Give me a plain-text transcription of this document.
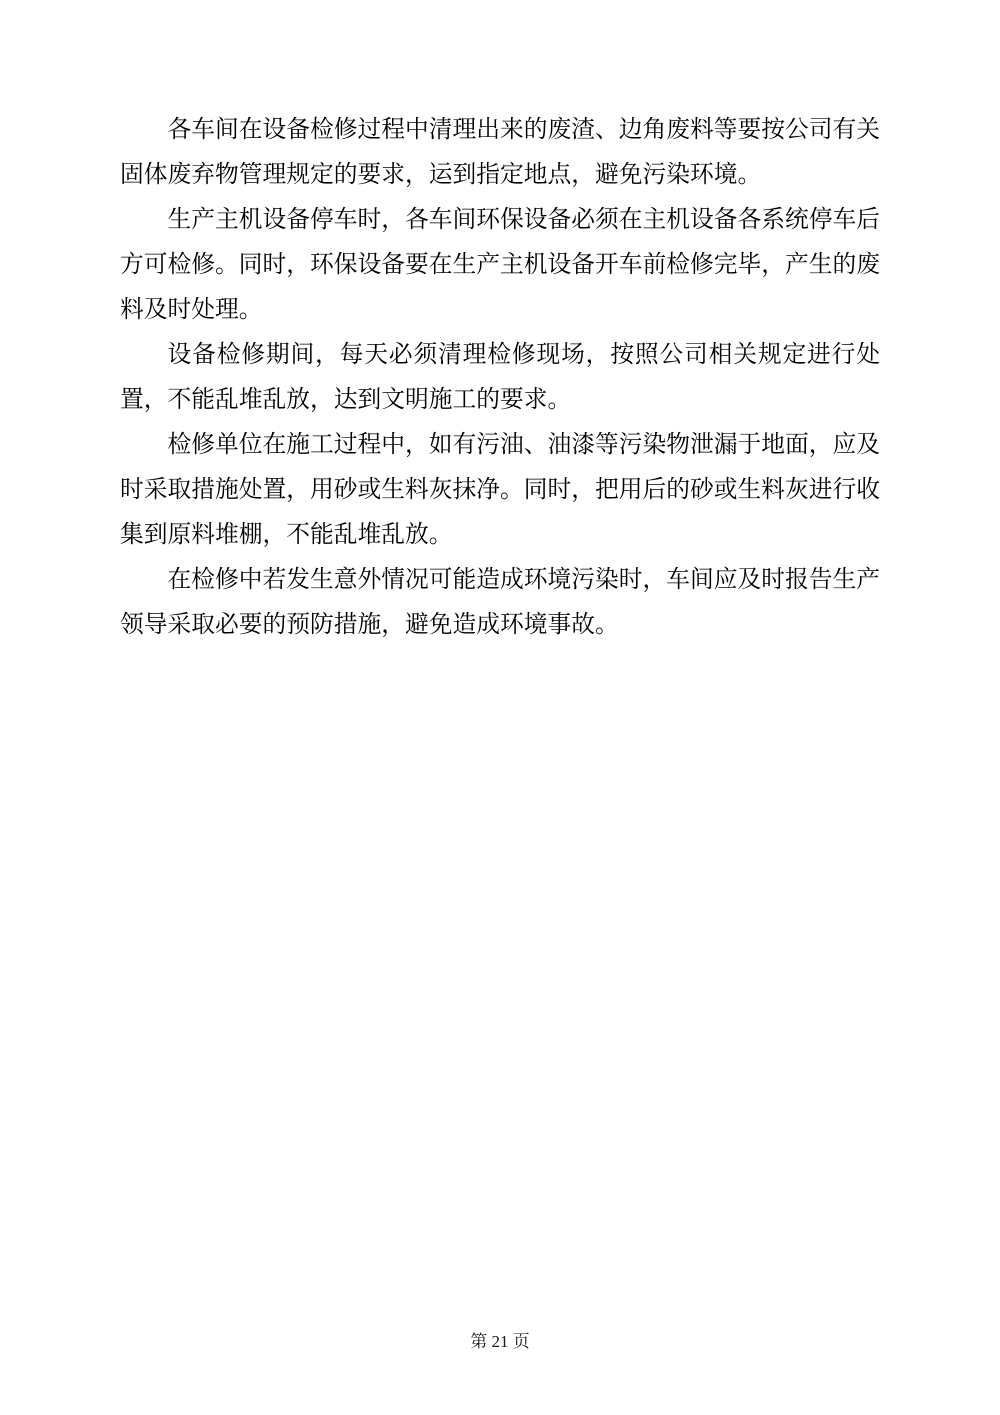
各车间在设备检修过程中清理出来的废渣、边角废料等要按公司有关固体废弃物管理规定的要求，运到指定地点，避免污染环境。

生产主机设备停车时，各车间环保设备必须在主机设备各系统停车后方可检修。同时，环保设备要在生产主机设备开车前检修完毕，产生的废料及时处理。

设备检修期间，每天必须清理检修现场，按照公司相关规定进行处置，不能乱堆乱放，达到文明施工的要求。

检修单位在施工过程中，如有污油、油漆等污染物泄漏于地面，应及时采取措施处置，用砂或生料灰抹净。同时，把用后的砂或生料灰进行收集到原料堆棚，不能乱堆乱放。

在检修中若发生意外情况可能造成环境污染时，车间应及时报告生产领导采取必要的预防措施，避免造成环境事故。

第 21 页
